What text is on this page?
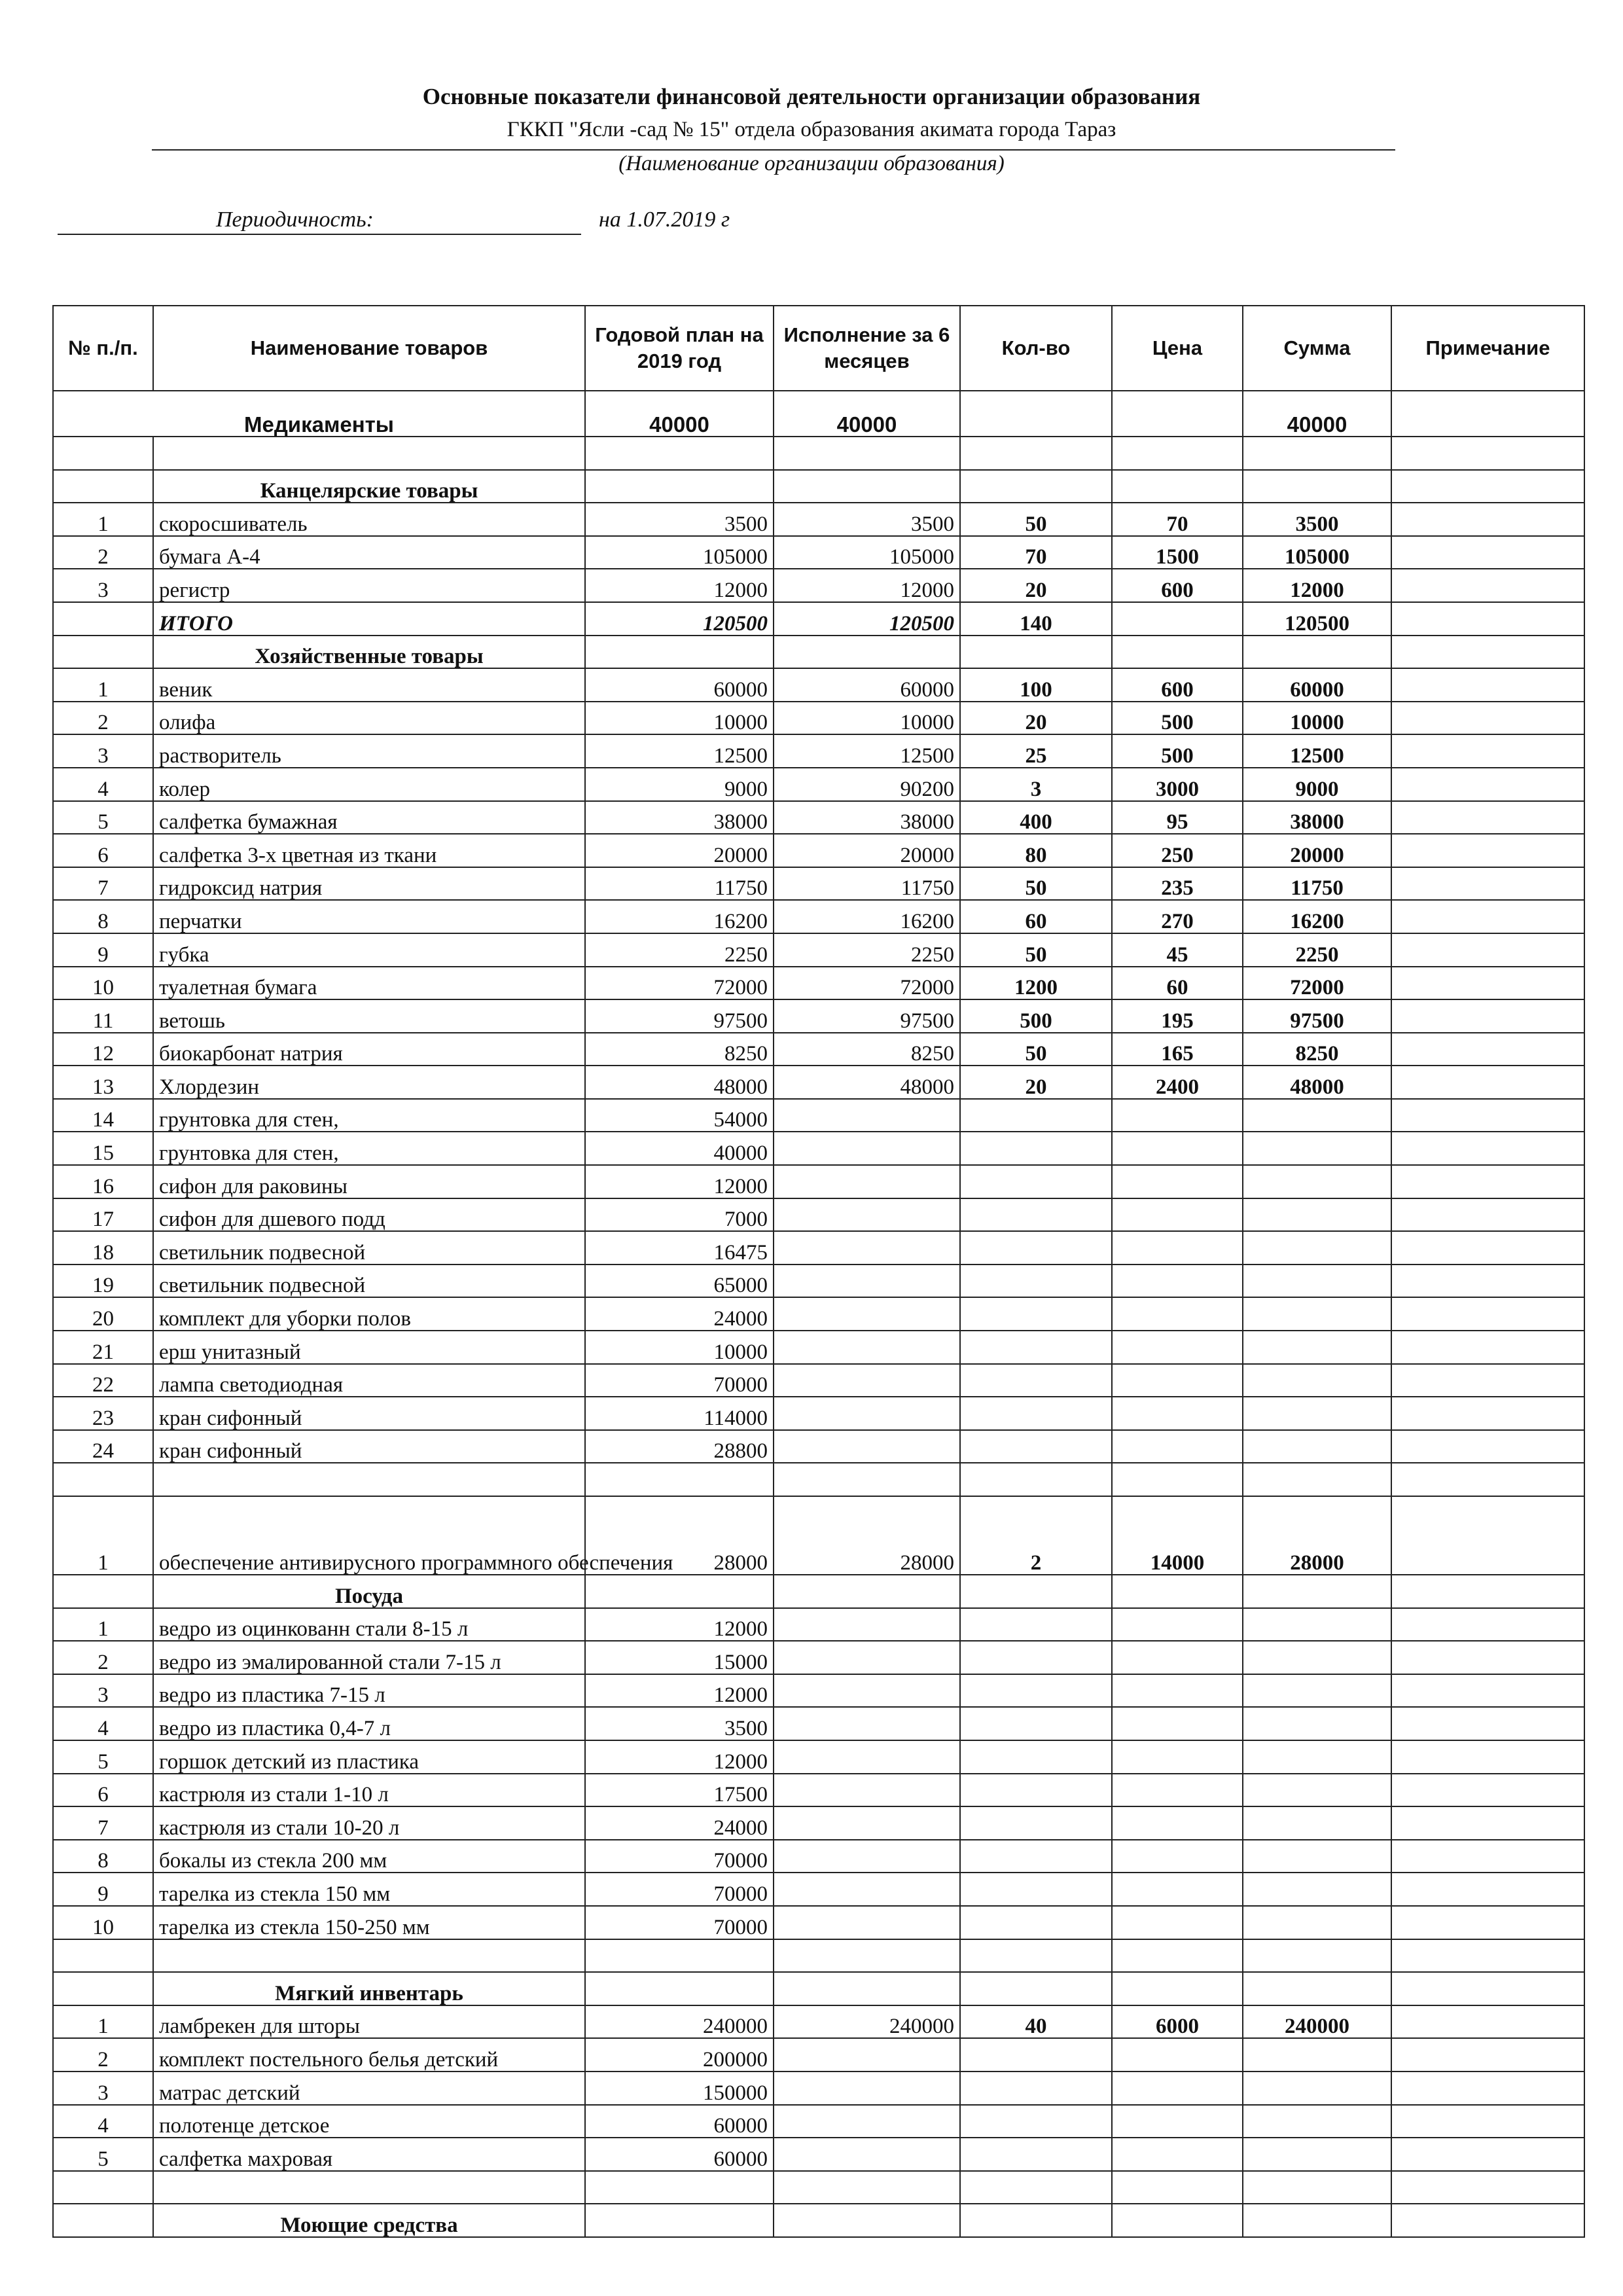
Основные показатели финансовой деятельности организации образования
ГККП "Ясли -сад № 15" отдела образования акимата города Тараз
(Наименование организации образования)
Периодичность:	на 1.07.2019 г
№ п./п.	Наименование товаров	Годовой план на 2019 год	Исполнение за 6 месяцев	Кол-во	Цена	Сумма	Примечание
Медикаменты		40000	40000			40000	

	Канцелярские товары						
1	скоросшиватель	3500	3500	50	70	3500	
2	бумага А-4	105000	105000	70	1500	105000	
3	регистр	12000	12000	20	600	12000	
	ИТОГО	120500	120500	140		120500	
	Хозяйственные товары						
1	веник	60000	60000	100	600	60000	
2	олифа	10000	10000	20	500	10000	
3	растворитель	12500	12500	25	500	12500	
4	колер	9000	90200	3	3000	9000	
5	салфетка бумажная	38000	38000	400	95	38000	
6	салфетка 3-х цветная из ткани	20000	20000	80	250	20000	
7	гидроксид натрия	11750	11750	50	235	11750	
8	перчатки	16200	16200	60	270	16200	
9	губка	2250	2250	50	45	2250	
10	туалетная бумага	72000	72000	1200	60	72000	
11	ветошь	97500	97500	500	195	97500	
12	биокарбонат натрия	8250	8250	50	165	8250	
13	Хлордезин	48000	48000	20	2400	48000	
14	грунтовка для стен,	54000					
15	грунтовка для стен,	40000					
16	сифон для раковины	12000					
17	сифон для дшевого подд	7000					
18	светильник подвесной	16475					
19	светильник подвесной	65000					
20	комплект для уборки полов	24000					
21	ерш унитазный	10000					
22	лампа светодиодная	70000					
23	кран сифонный	114000					
24	кран сифонный	28800					

1	обеспечение антивирусного программного обеспечения	28000	28000	2	14000	28000	
	Посуда						
1	ведро из оцинкованн стали 8-15 л	12000					
2	ведро из эмалированной стали 7-15 л	15000					
3	ведро из пластика 7-15 л	12000					
4	ведро из пластика 0,4-7 л	3500					
5	горшок детский из пластика	12000					
6	кастрюля из стали 1-10 л	17500					
7	кастрюля из стали 10-20 л	24000					
8	бокалы из стекла 200 мм	70000					
9	тарелка из стекла 150 мм	70000					
10	тарелка из стекла 150-250 мм	70000					

	Мягкий инвентарь						
1	ламбрекен для шторы	240000	240000	40	6000	240000	
2	комплект постельного белья детский	200000					
3	матрас детский	150000					
4	полотенце детское	60000					
5	салфетка махровая	60000					

	Моющие средства						
